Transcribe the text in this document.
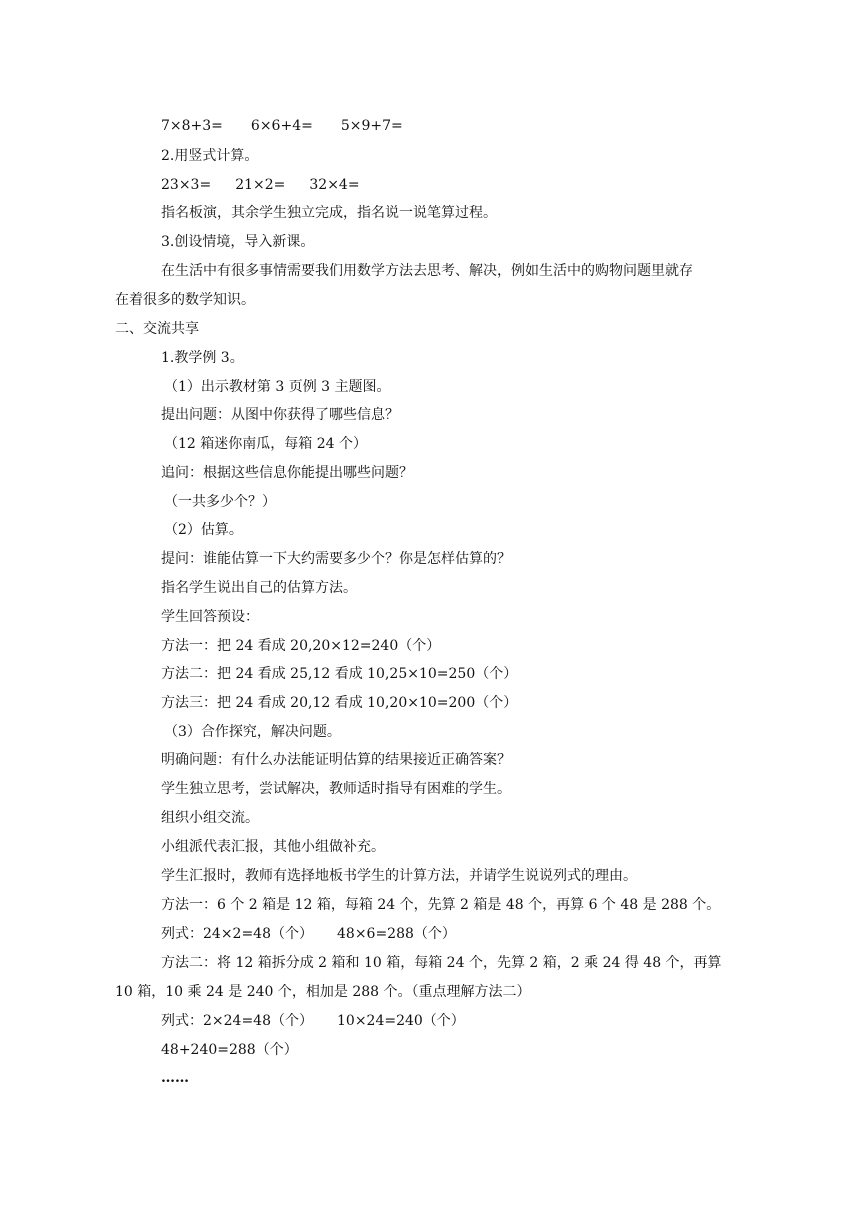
7×8+3= 6×6+4= 5×9+7=
2.用竖式计算。
23×3= 21×2= 32×4=
指名板演，其余学生独立完成，指名说一说笔算过程。
3.创设情境，导入新课。
在生活中有很多事情需要我们用数学方法去思考、解决，例如生活中的购物问题里就存
在着很多的数学知识。
二、交流共享
1.教学例 3。
（1）出示教材第 3 页例 3 主题图。
提出问题：从图中你获得了哪些信息？
（12 箱迷你南瓜，每箱 24 个）
追问：根据这些信息你能提出哪些问题？
（一共多少个？）
（2）估算。
提问：谁能估算一下大约需要多少个？你是怎样估算的？
指名学生说出自己的估算方法。
学生回答预设：
方法一：把 24 看成 20,20×12=240（个）
方法二：把 24 看成 25,12 看成 10,25×10=250（个）
方法三：把 24 看成 20,12 看成 10,20×10=200（个）
（3）合作探究，解决问题。
明确问题：有什么办法能证明估算的结果接近正确答案？
学生独立思考，尝试解决，教师适时指导有困难的学生。
组织小组交流。
小组派代表汇报，其他小组做补充。
学生汇报时，教师有选择地板书学生的计算方法，并请学生说说列式的理由。
方法一：6 个 2 箱是 12 箱，每箱 24 个，先算 2 箱是 48 个，再算 6 个 48 是 288 个。
列式：24×2=48（个） 48×6=288（个）
方法二：将 12 箱拆分成 2 箱和 10 箱，每箱 24 个，先算 2 箱，2 乘 24 得 48 个，再算
10 箱，10 乘 24 是 240 个，相加是 288 个。（重点理解方法二）
列式：2×24=48（个） 10×24=240（个）
48+240=288（个）
……
